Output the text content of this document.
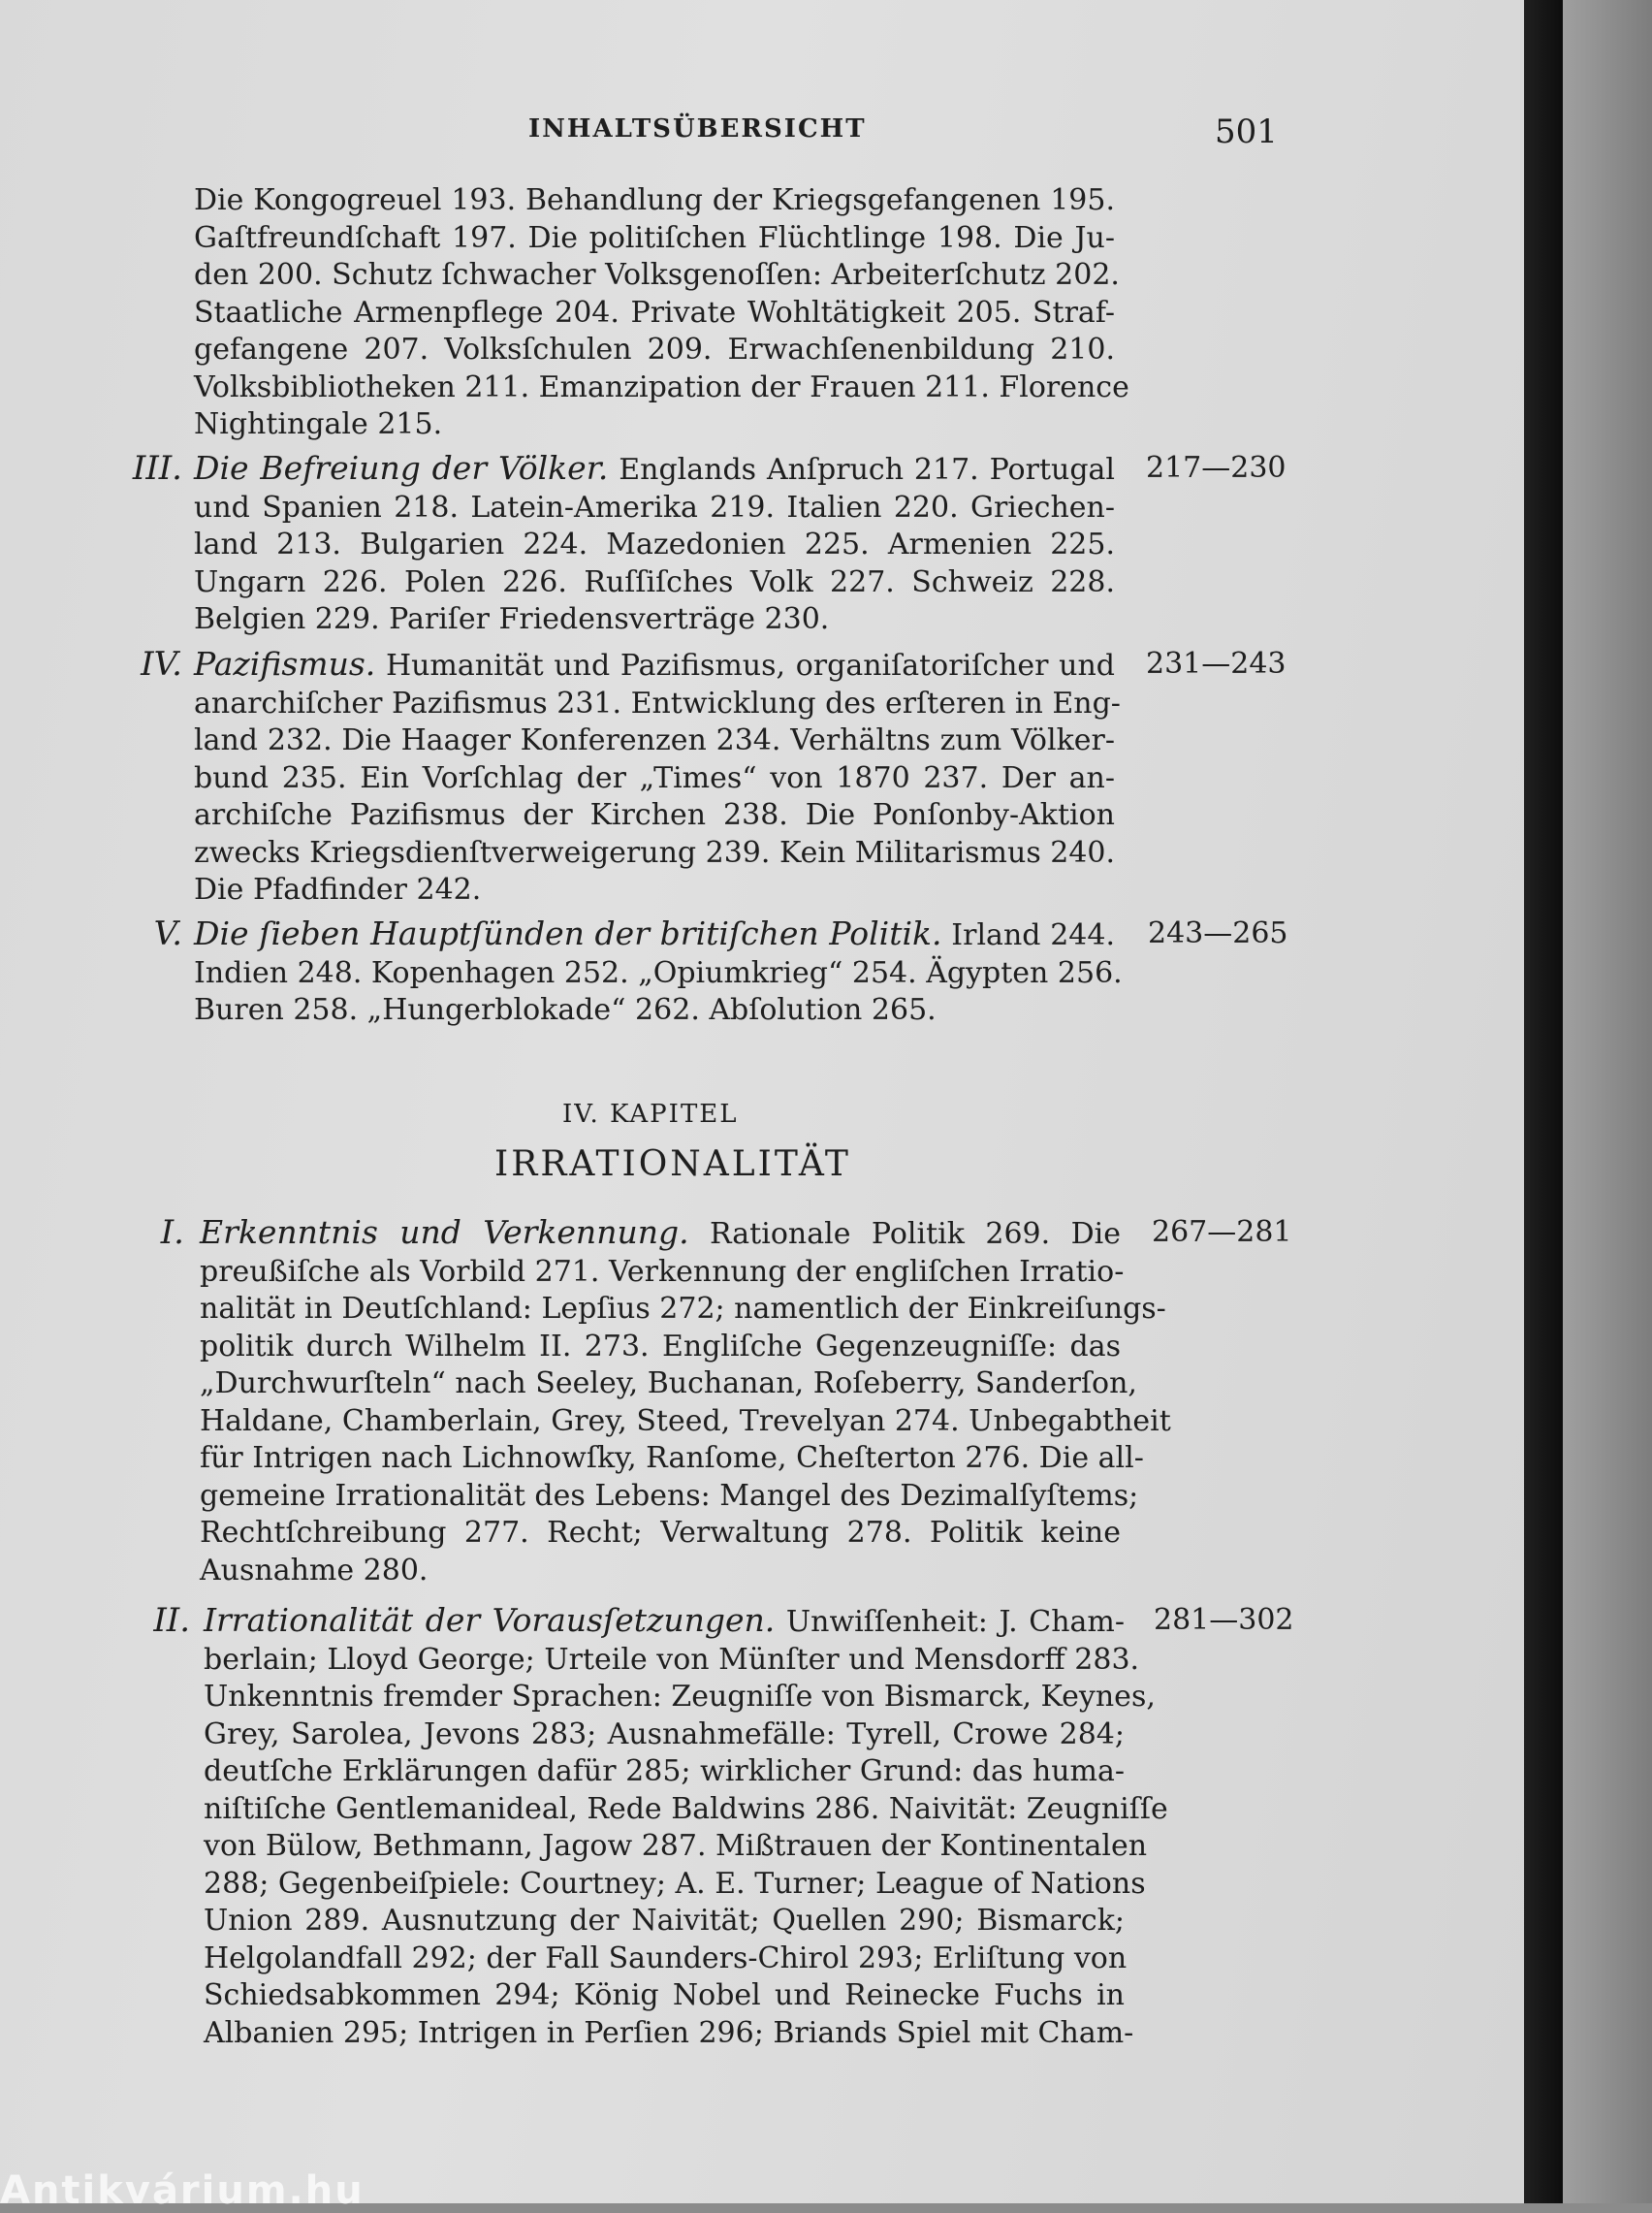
INHALTSÜBERSICHT	501
Die Kongogreuel 193. Behandlung der Kriegsgefangenen 195.
Gaſtfreundſchaft 197. Die politiſchen Flüchtlinge 198. Die Ju-
den 200. Schutz ſchwacher Volksgenoſſen: Arbeiterſchutz 202.
Staatliche Armenpflege 204. Private Wohltätigkeit 205. Straf-
gefangene 207. Volksſchulen 209. Erwachſenenbildung 210.
Volksbibliotheken 211. Emanzipation der Frauen 211. Florence
Nightingale 215.
III. Die Befreiung der Völker. Englands Anſpruch 217. Portugal
und Spanien 218. Latein-Amerika 219. Italien 220. Griechen-
land 213. Bulgarien 224. Mazedonien 225. Armenien 225.
Ungarn 226. Polen 226. Ruſſiſches Volk 227. Schweiz 228.
Belgien 229. Pariſer Friedensverträge 230.
217—230
IV. Pazifismus. Humanität und Pazifismus, organiſatoriſcher und
anarchiſcher Pazifismus 231. Entwicklung des erſteren in Eng-
land 232. Die Haager Konferenzen 234. Verhältns zum Völker-
bund 235. Ein Vorſchlag der „Times“ von 1870 237. Der an-
archiſche Pazifismus der Kirchen 238. Die Ponſonby-Aktion
zwecks Kriegsdienſtverweigerung 239. Kein Militarismus 240.
Die Pfadfinder 242.
231—243
V. Die ſieben Hauptſünden der britiſchen Politik. Irland 244.
Indien 248. Kopenhagen 252. „Opiumkrieg“ 254. Ägypten 256.
Buren 258. „Hungerblokade“ 262. Abſolution 265.
243—265
IV. KAPITEL
IRRATIONALITÄT
I. Erkenntnis und Verkennung. Rationale Politik 269. Die
preußiſche als Vorbild 271. Verkennung der engliſchen Irratio-
nalität in Deutſchland: Lepſius 272; namentlich der Einkreiſungs-
politik durch Wilhelm II. 273. Engliſche Gegenzeugniſſe: das
„Durchwurſteln“ nach Seeley, Buchanan, Roſeberry, Sanderſon,
Haldane, Chamberlain, Grey, Steed, Trevelyan 274. Unbegabtheit
für Intrigen nach Lichnowſky, Ranſome, Cheſterton 276. Die all-
gemeine Irrationalität des Lebens: Mangel des Dezimalſyſtems;
Rechtſchreibung 277. Recht; Verwaltung 278. Politik keine
Ausnahme 280.
267—281
II. Irrationalität der Vorausſetzungen. Unwiſſenheit: J. Cham-
berlain; Lloyd George; Urteile von Münſter und Mensdorff 283.
Unkenntnis fremder Sprachen: Zeugniſſe von Bismarck, Keynes,
Grey, Sarolea, Jevons 283; Ausnahmefälle: Tyrell, Crowe 284;
deutſche Erklärungen dafür 285; wirklicher Grund: das huma-
niſtiſche Gentlemanideal, Rede Baldwins 286. Naivität: Zeugniſſe
von Bülow, Bethmann, Jagow 287. Mißtrauen der Kontinentalen
288; Gegenbeiſpiele: Courtney; A. E. Turner; League of Nations
Union 289. Ausnutzung der Naivität; Quellen 290; Bismarck;
Helgolandfall 292; der Fall Saunders-Chirol 293; Erliſtung von
Schiedsabkommen 294; König Nobel und Reinecke Fuchs in
Albanien 295; Intrigen in Perſien 296; Briands Spiel mit Cham-
281—302
Antikvárium.hu
